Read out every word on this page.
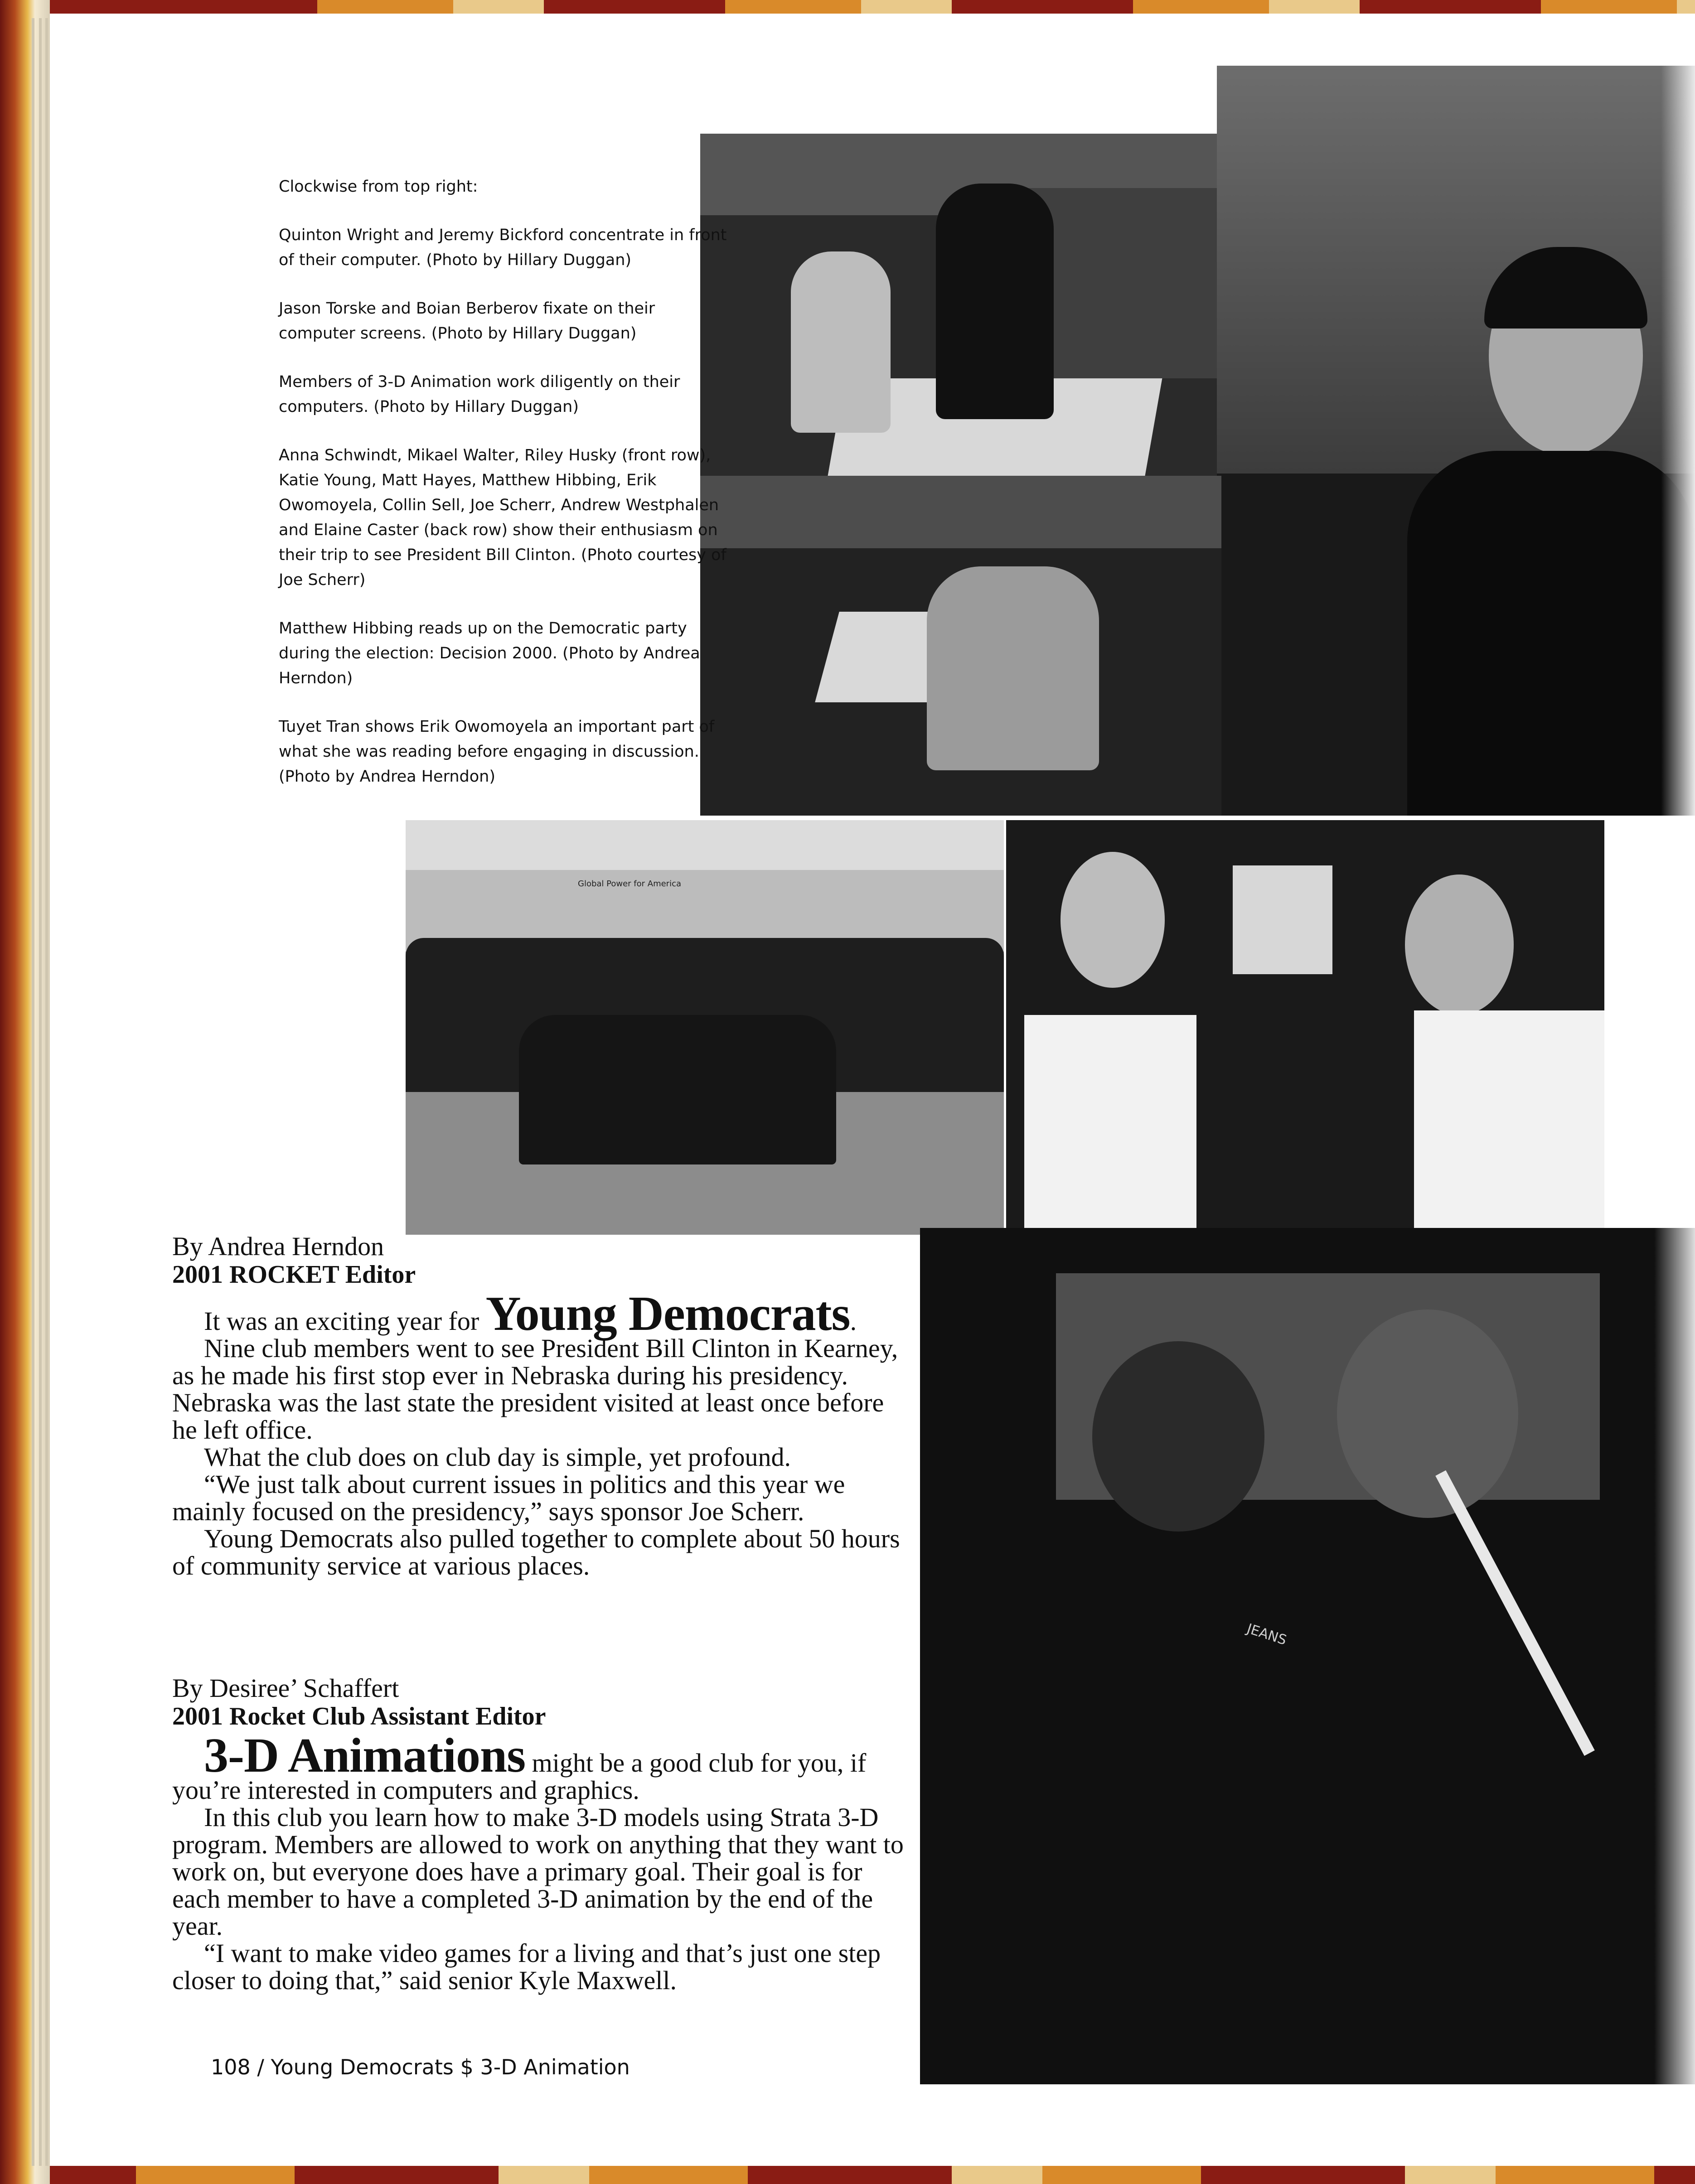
Global Power for America
JEANS

Clockwise from top right:

Quinton Wright and Jeremy Bickford concentrate in front of their computer. (Photo by Hillary Duggan)

Jason Torske and Boian Berberov fixate on their computer screens. (Photo by Hillary Duggan)

Members of 3-D Animation work diligently on their computers. (Photo by Hillary Duggan)

Anna Schwindt, Mikael Walter, Riley Husky (front row), Katie Young, Matt Hayes, Matthew Hibbing, Erik Owomoyela, Collin Sell, Joe Scherr, Andrew Westphalen and Elaine Caster (back row) show their enthusiasm on their trip to see President Bill Clinton. (Photo courtesy of Joe Scherr)

Matthew Hibbing reads up on the Democratic party during the election: Decision 2000. (Photo by Andrea Herndon)

Tuyet Tran shows Erik Owomoyela an important part of what she was reading before engaging in discussion. (Photo by Andrea Herndon)

By Andrea Herndon
2001 ROCKET Editor

It was an exciting year for Young Democrats.

Nine club members went to see President Bill Clinton in Kearney, as he made his first stop ever in Nebraska during his presidency. Nebraska was the last state the president visited at least once before he left office.

What the club does on club day is simple, yet profound.

“We just talk about current issues in politics and this year we mainly focused on the presidency,” says sponsor Joe Scherr.

Young Democrats also pulled together to complete about 50 hours of community service at various places.

By Desiree’ Schaffert
2001 Rocket Club Assistant Editor

3-D Animations might be a good club for you, if you’re interested in computers and graphics.

In this club you learn how to make 3-D models using Strata 3-D program. Members are allowed to work on anything that they want to work on, but everyone does have a primary goal. Their goal is for each member to have a completed 3-D animation by the end of the year.

“I want to make video games for a living and that’s just one step closer to doing that,” said senior Kyle Maxwell.

108 / Young Democrats $ 3-D Animation
